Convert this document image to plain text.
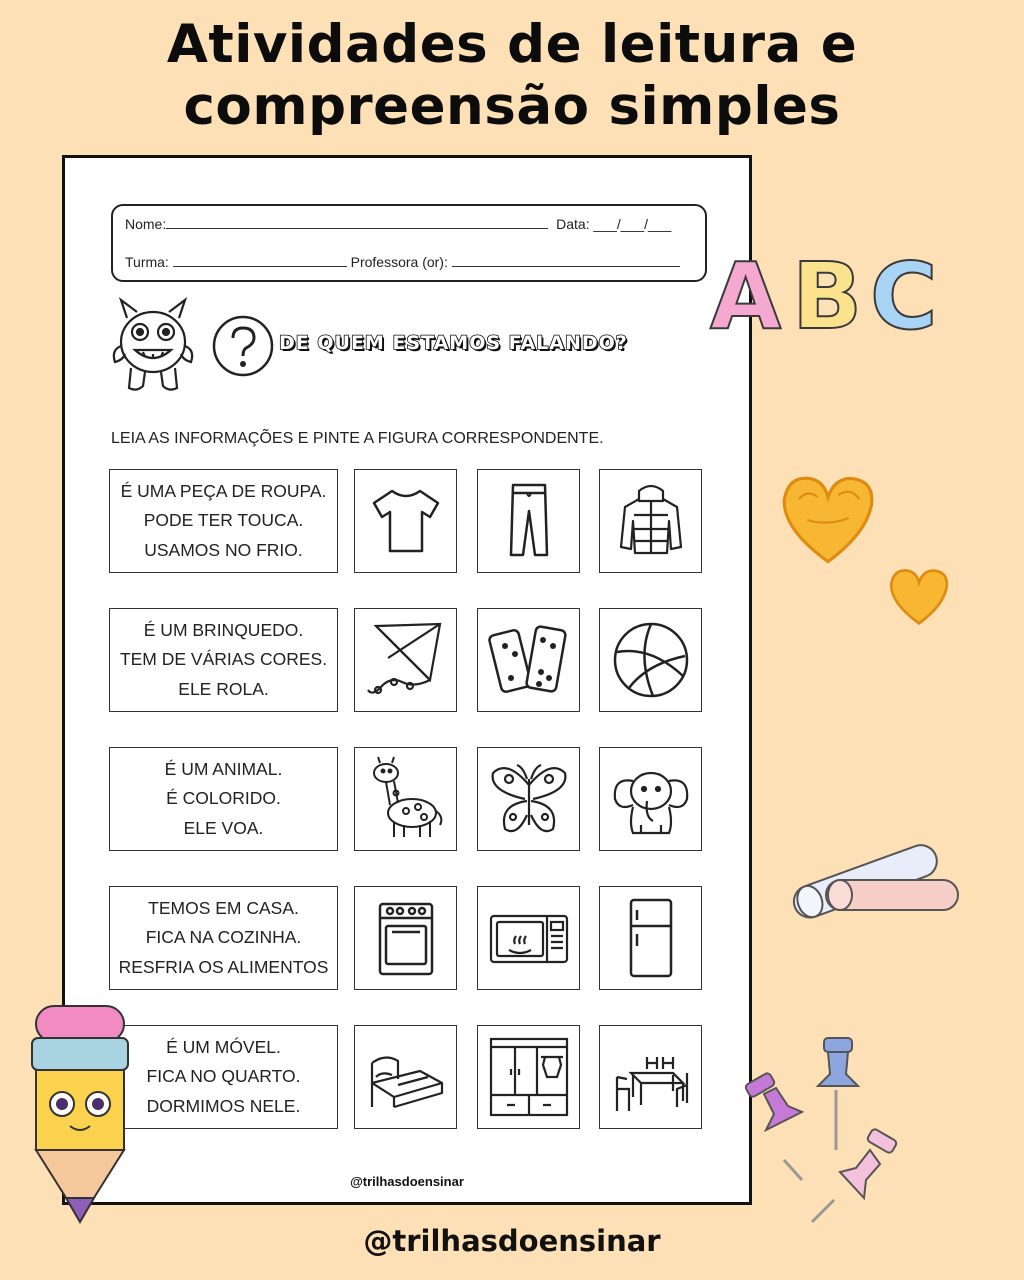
Atividades de leitura e
compreensão simples
Nome:	Data: ___/___/___
Turma:	Professora (or):
DE QUEM ESTAMOS FALANDO?
LEIA AS INFORMAÇÕES E PINTE A FIGURA CORRESPONDENTE.
É UMA PEÇA DE ROUPA.
PODE TER TOUCA.
USAMOS NO FRIO.
É UM BRINQUEDO.
TEM DE VÁRIAS CORES.
ELE ROLA.
É UM ANIMAL.
É COLORIDO.
ELE VOA.
TEMOS EM CASA.
FICA NA COZINHA.
RESFRIA OS ALIMENTOS
É UM MÓVEL.
FICA NO QUARTO.
DORMIMOS NELE.
@trilhasdoensinar
A B C
@trilhasdoensinar
